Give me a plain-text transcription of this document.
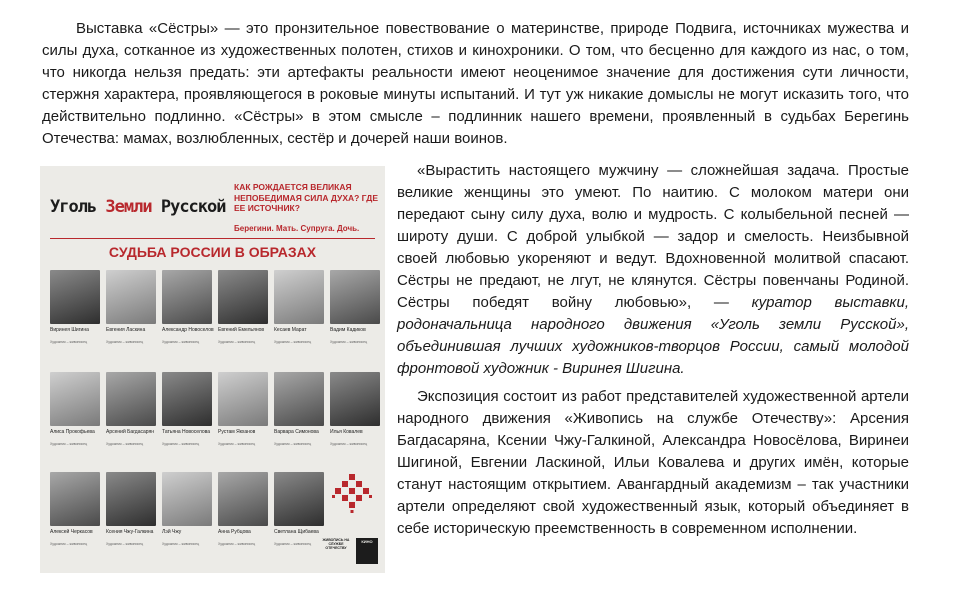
Выставка «Сёстры» — это пронзительное повествование о материнстве, природе Подвига, источниках мужества и силы духа, сотканное из художественных полотен, стихов и кинохроники. О том, что бесценно для каждого из нас, о том, что никогда нельзя предать: эти артефакты реальности имеют неоценимое значение для достижения сути личности, стержня характера, проявляющегося в роковые минуты испытаний. И тут уж никакие домыслы не могут исказить того, что действительно подлинно. «Сёстры» в этом смысле – подлинник нашего времени, проявленный в судьбах Берегинь Отечества: мамах, возлюбленных, сестёр и дочерей наши воинов.

Уголь Земли Русской
КАК РОЖДАЕТСЯ ВЕЛИКАЯ НЕПОБЕДИМАЯ СИЛА ДУХА? ГДЕ ЕЕ ИСТОЧНИК?
Берегини. Мать. Супруга. Дочь.
СУДЬБА РОССИИ В ОБРАЗАХ
Виринея Шигина
Художник – живописец
Евгения Ласкина
Художник – живописец
Александр Новоселов
Художник – живописец
Евгений Емельянов
Художник – живописец
Кесаев Марат
Художник – живописец
Вадим Кадиков
Художник – живописец
Алиса Прокофьева
Художник – живописец
Арсений Багдасарян
Художник – живописец
Татьяна Новоселова
Художник – живописец
Рустам Якханов
Художник – живописец
Варвара Симонова
Художник – живописец
Илья Ковалев
Художник – живописец
Алексей Черкасов
Художник – живописец
Ксения Чжу-Галкина
Художник – живописец
Лэй Чжу
Художник – живописец
Анна Рубцова
Художник – живописец
Светлана Щибаева
Художник – живописец
ЖИВОПИСЬ НА СЛУЖБЕ ОТЕЧЕСТВУ
КИНО

«Вырастить настоящего мужчину — сложнейшая задача. Простые великие женщины это умеют. По наитию. С молоком матери они передают сыну силу духа, волю и мудрость. С колыбельной песней — широту души. С доброй улыбкой — задор и смелость. Неизбывной своей любовью укореняют и ведут. Вдохновенной молитвой спасают. Сёстры не предают, не лгут, не клянутся. Сёстры повенчаны Родиной. Сёстры победят войну любовью», — куратор выставки, родоначальница народного движения «Уголь земли Русской», объединившая лучших художников-творцов России, самый молодой фронтовой художник - Виринея Шигина.

Экспозиция состоит из работ представителей художественной артели народного движения «Живопись на службе Отечеству»: Арсения Багдасаряна, Ксении Чжу-Галкиной, Александра Новосёлова, Виринеи Шигиной, Евгении Ласкиной, Ильи Ковалева и других имён, которые станут настоящим открытием. Авангардный академизм – так участники артели определяют свой художественный язык, который объединяет в себе историческую преемственность в современном исполнении.
